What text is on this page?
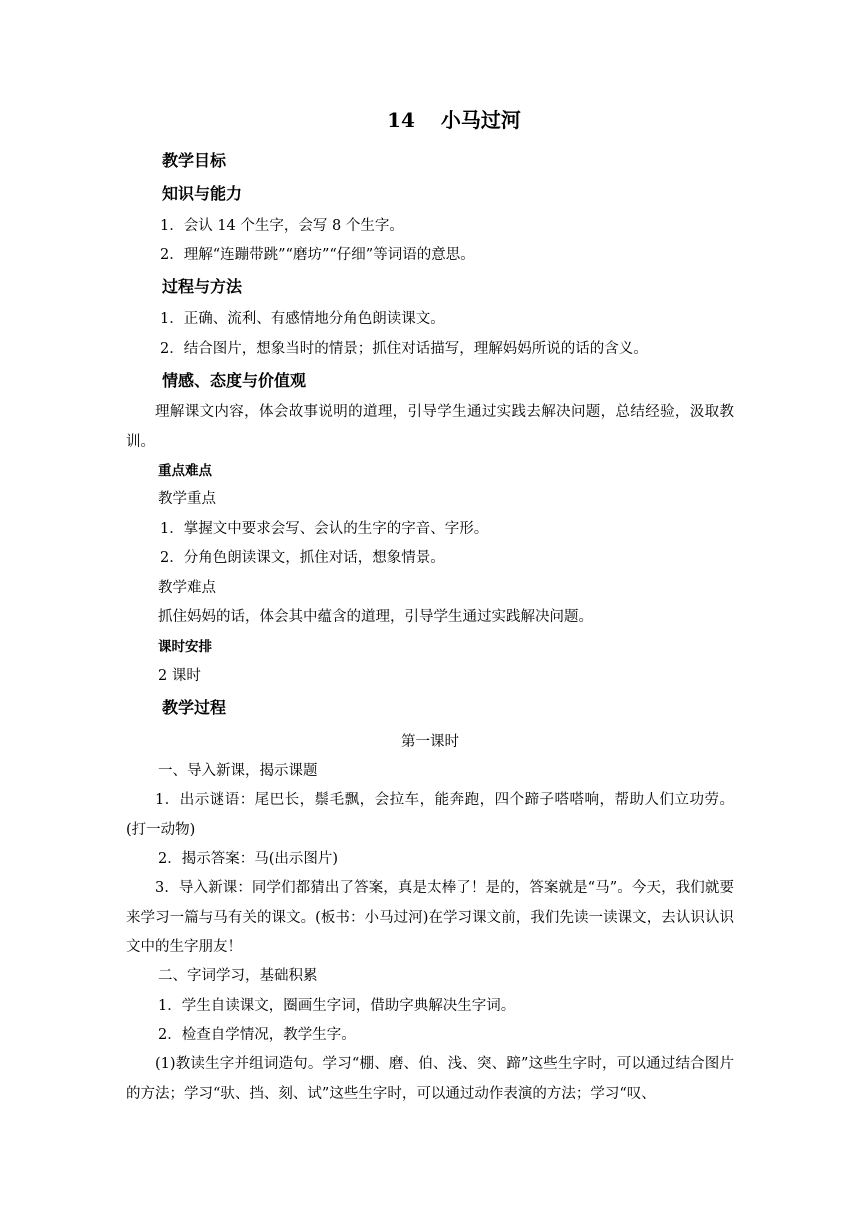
14 小马过河
教学目标
知识与能力
1．会认 14 个生字，会写 8 个生字。
2．理解“连蹦带跳”“磨坊”“仔细”等词语的意思。
过程与方法
1．正确、流利、有感情地分角色朗读课文。
2．结合图片，想象当时的情景；抓住对话描写，理解妈妈所说的话的含义。
情感、态度与价值观
理解课文内容，体会故事说明的道理，引导学生通过实践去解决问题，总结经验，汲取教训。
重点难点
教学重点
1．掌握文中要求会写、会认的生字的字音、字形。
2．分角色朗读课文，抓住对话，想象情景。
教学难点
抓住妈妈的话，体会其中蕴含的道理，引导学生通过实践解决问题。
课时安排
2 课时
教学过程
第一课时
一、导入新课，揭示课题
1．出示谜语：尾巴长，鬃毛飘，会拉车，能奔跑，四个蹄子嗒嗒响，帮助人们立功劳。(打一动物)
2．揭示答案：马(出示图片)
3．导入新课：同学们都猜出了答案，真是太棒了！是的，答案就是“马”。今天，我们就要来学习一篇与马有关的课文。(板书：小马过河)在学习课文前，我们先读一读课文，去认识认识文中的生字朋友！
二、字词学习，基础积累
1．学生自读课文，圈画生字词，借助字典解决生字词。
2．检查自学情况，教学生字。
(1)教读生字并组词造句。学习“棚、磨、伯、浅、突、蹄”这些生字时，可以通过结合图片的方法；学习“驮、挡、刻、试”这些生字时，可以通过动作表演的方法；学习“叹、
